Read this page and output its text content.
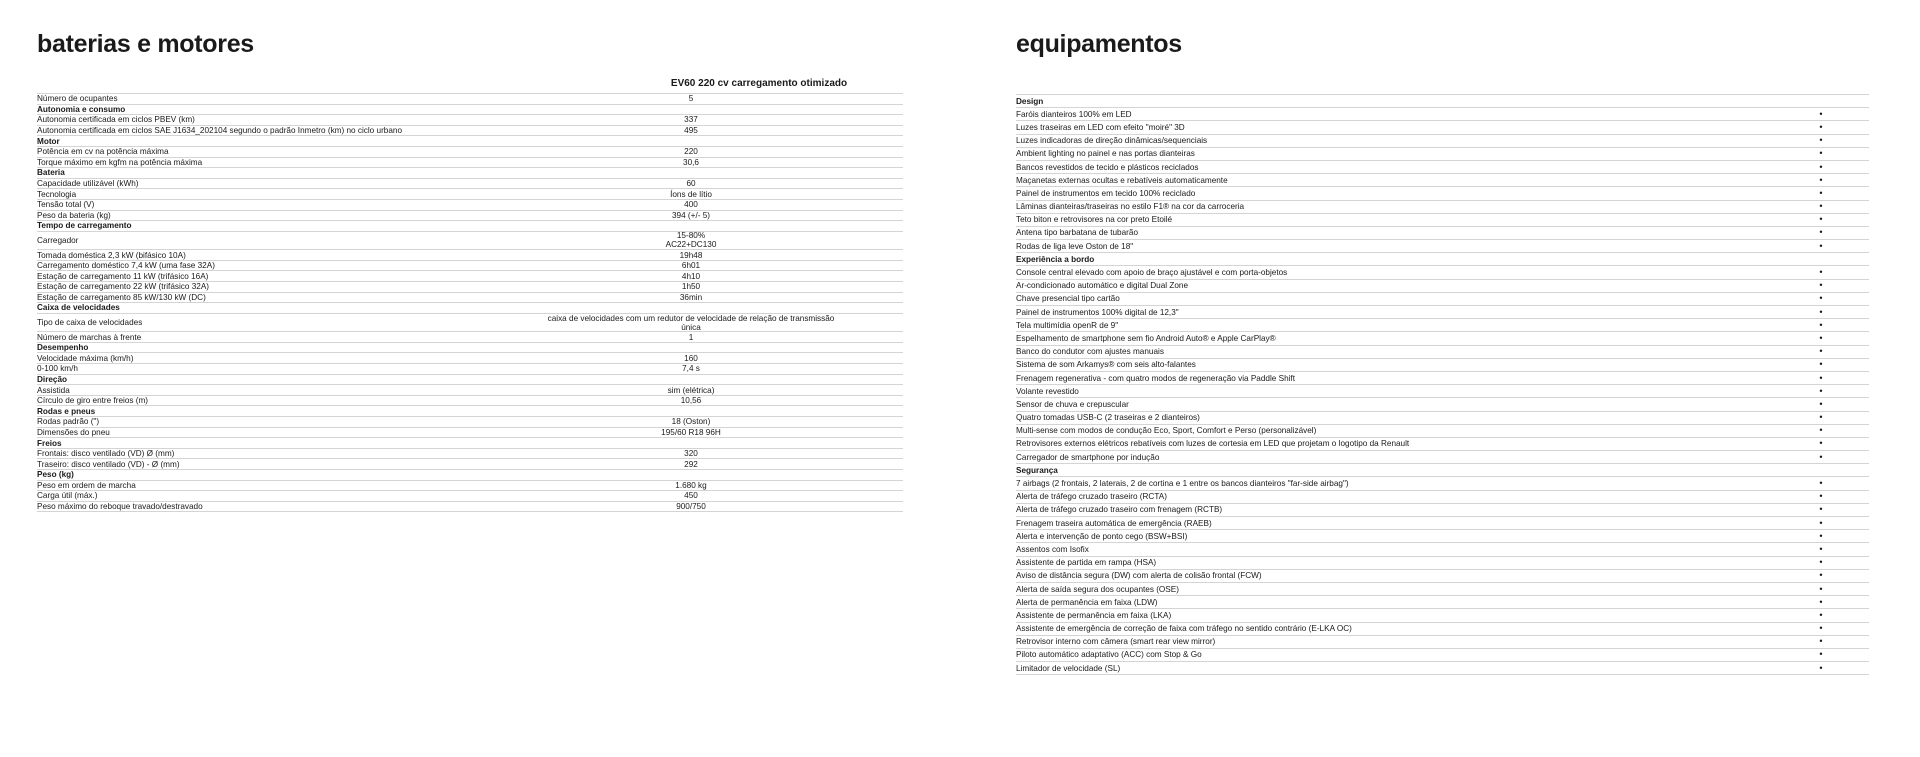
baterias e motores	equipamentos
EV60 220 cv carregamento otimizado
Número de ocupantes	5
Autonomia e consumo
Autonomia certificada em ciclos PBEV (km)	337
Autonomia certificada em ciclos SAE J1634_202104 segundo o padrão Inmetro (km) no ciclo urbano	495
Motor
Potência em cv na potência máxima	220
Torque máximo em kgfm na potência máxima	30,6
Bateria
Capacidade utilizável (kWh)	60
Tecnologia	Íons de lítio
Tensão total (V)	400
Peso da bateria (kg)	394 (+/- 5)
Tempo de carregamento
Carregador	15-80%
AC22+DC130
Tomada doméstica 2,3 kW (bifásico 10A)	19h48
Carregamento doméstico 7,4 kW (uma fase 32A)	6h01
Estação de carregamento 11 kW (trifásico 16A)	4h10
Estação de carregamento 22 kW (trifásico 32A)	1h50
Estação de carregamento 85 kW/130 kW (DC)	36min
Caixa de velocidades
Tipo de caixa de velocidades	caixa de velocidades com um redutor de velocidade de relação de transmissão
única
Número de marchas à frente	1
Desempenho
Velocidade máxima (km/h)	160
0-100 km/h	7,4 s
Direção
Assistida	sim (elétrica)
Círculo de giro entre freios (m)	10,56
Rodas e pneus
Rodas padrão (")	18 (Oston)
Dimensões do pneu	195/60 R18 96H
Freios
Frontais: disco ventilado (VD) Ø (mm)	320
Traseiro: disco ventilado (VD) - Ø (mm)	292
Peso (kg)
Peso em ordem de marcha	1.680 kg
Carga útil (máx.)	450
Peso máximo do reboque travado/destravado	900/750
Design
Faróis dianteiros 100% em LED	•
Luzes traseiras em LED com efeito "moiré" 3D	•
Luzes indicadoras de direção dinâmicas/sequenciais	•
Ambient lighting no painel e nas portas dianteiras	•
Bancos revestidos de tecido e plásticos reciclados	•
Maçanetas externas ocultas e rebatíveis automaticamente	•
Painel de instrumentos em tecido 100% reciclado	•
Lâminas dianteiras/traseiras no estilo F1® na cor da carroceria	•
Teto biton e retrovisores na cor preto Etoilé	•
Antena tipo barbatana de tubarão	•
Rodas de liga leve Oston de 18"	•
Experiência a bordo
Console central elevado com apoio de braço ajustável e com porta-objetos	•
Ar-condicionado automático e digital Dual Zone	•
Chave presencial tipo cartão	•
Painel de instrumentos 100% digital de 12,3"	•
Tela multimídia openR de 9"	•
Espelhamento de smartphone sem fio Android Auto® e Apple CarPlay®	•
Banco do condutor com ajustes manuais	•
Sistema de som Arkamys® com seis alto-falantes	•
Frenagem regenerativa - com quatro modos de regeneração via Paddle Shift	•
Volante revestido	•
Sensor de chuva e crepuscular	•
Quatro tomadas USB-C (2 traseiras e 2 dianteiros)	•
Multi-sense com modos de condução Eco, Sport, Comfort e Perso (personalizável)	•
Retrovisores externos elétricos rebatíveis com luzes de cortesia em LED que projetam o logotipo da Renault	•
Carregador de smartphone por indução	•
Segurança
7 airbags (2 frontais, 2 laterais, 2 de cortina e 1 entre os bancos dianteiros "far-side airbag")	•
Alerta de tráfego cruzado traseiro (RCTA)	•
Alerta de tráfego cruzado traseiro com frenagem (RCTB)	•
Frenagem traseira automática de emergência (RAEB)	•
Alerta e intervenção de ponto cego (BSW+BSI)	•
Assentos com Isofix	•
Assistente de partida em rampa (HSA)	•
Aviso de distância segura (DW) com alerta de colisão frontal (FCW)	•
Alerta de saída segura dos ocupantes (OSE)	•
Alerta de permanência em faixa (LDW)	•
Assistente de permanência em faixa (LKA)	•
Assistente de emergência de correção de faixa com tráfego no sentido contrário (E-LKA OC)	•
Retrovisor interno com câmera (smart rear view mirror)	•
Piloto automático adaptativo (ACC) com Stop & Go	•
Limitador de velocidade (SL)	•
